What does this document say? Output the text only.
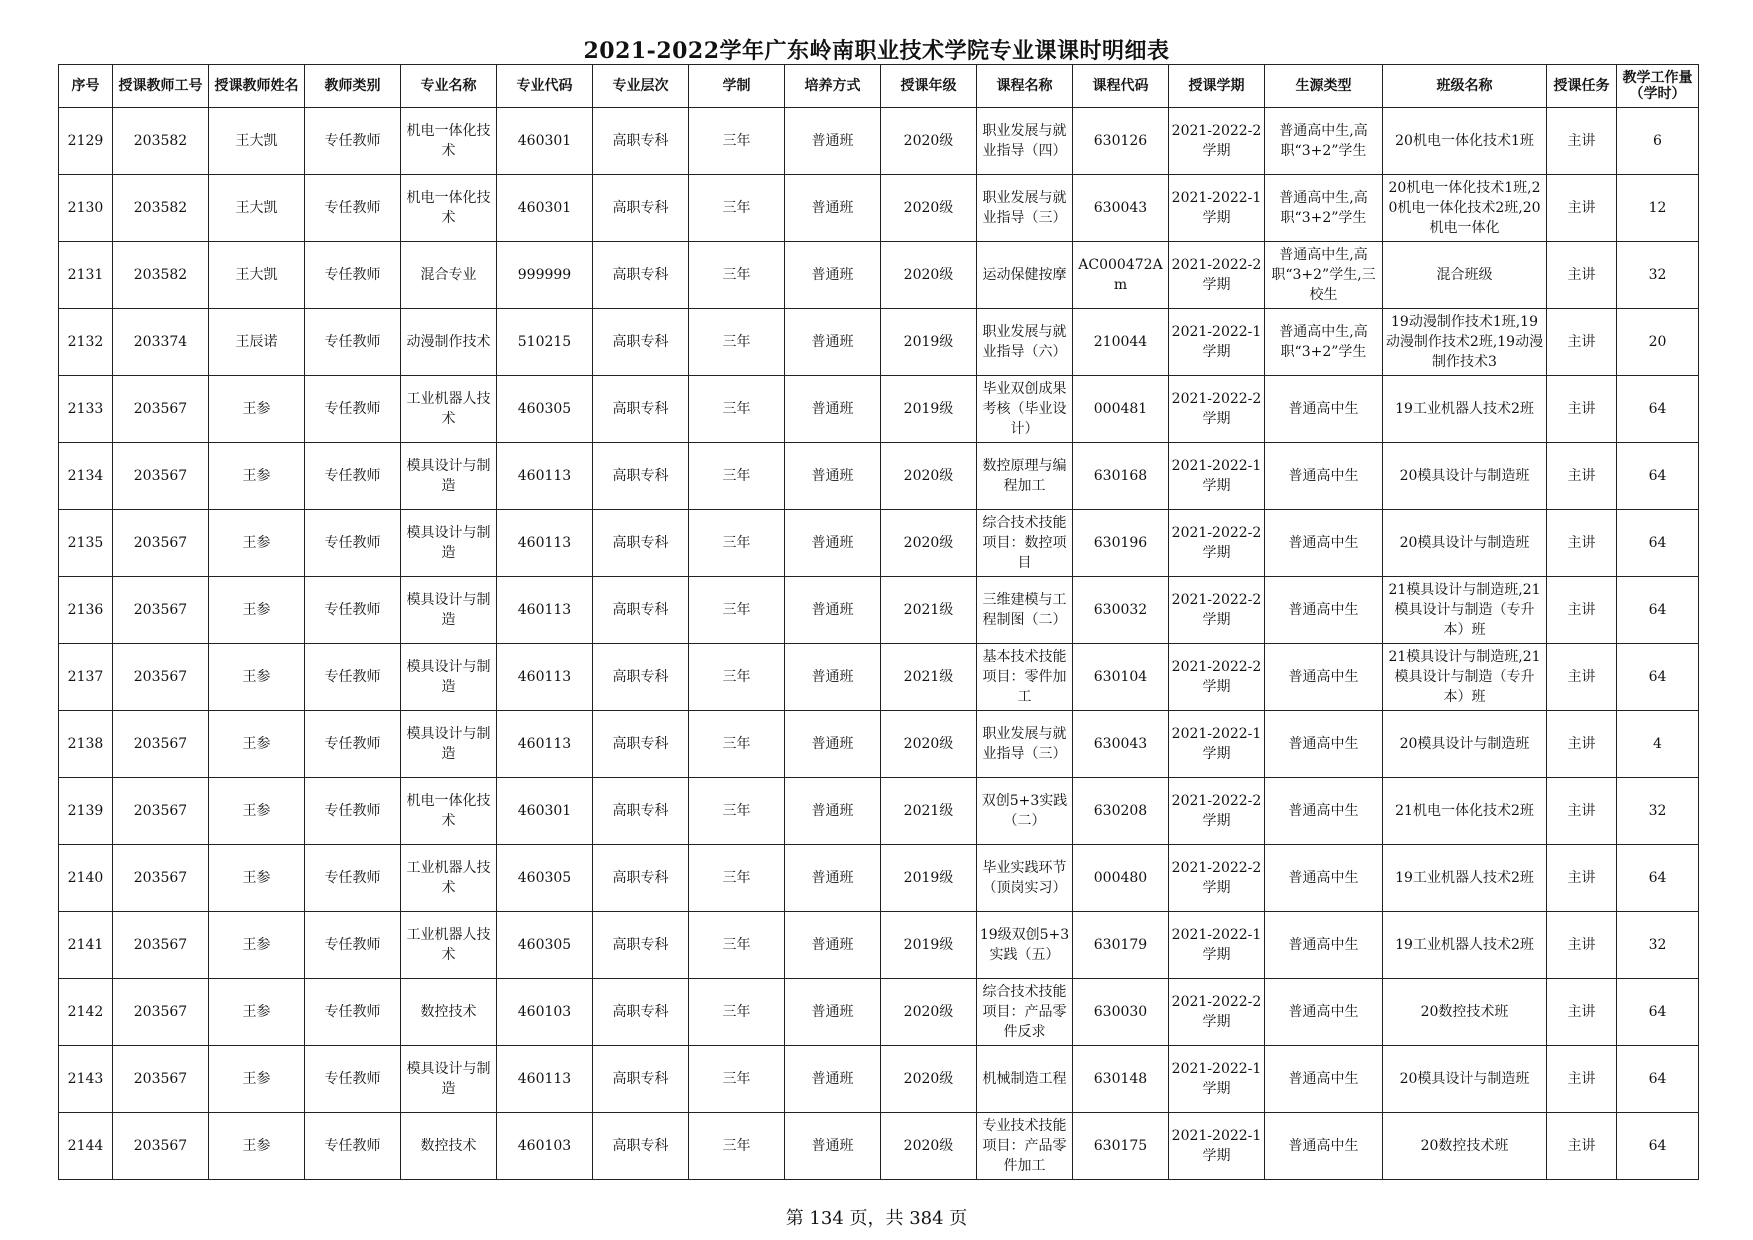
2021-2022学年广东岭南职业技术学院专业课课时明细表
序号	授课教师工号	授课教师姓名	教师类别	专业名称	专业代码	专业层次	学制	培养方式	授课年级	课程名称	课程代码	授课学期	生源类型	班级名称	授课任务	教学工作量（学时）

2129	203582	王大凯	专任教师	机电一体化技术	460301	高职专科	三年	普通班	2020级	职业发展与就业指导（四）	630126	2021-2022-2学期	普通高中生,高职“3+2”学生	20机电一体化技术1班	主讲	6

2130	203582	王大凯	专任教师	机电一体化技术	460301	高职专科	三年	普通班	2020级	职业发展与就业指导（三）	630043	2021-2022-1学期	普通高中生,高职“3+2”学生	20机电一体化技术1班,20机电一体化技术2班,20机电一体化	主讲	12

2131	203582	王大凯	专任教师	混合专业	999999	高职专科	三年	普通班	2020级	运动保健按摩	AC000472Am	2021-2022-2学期	普通高中生,高职“3+2”学生,三校生	混合班级	主讲	32

2132	203374	王辰诺	专任教师	动漫制作技术	510215	高职专科	三年	普通班	2019级	职业发展与就业指导（六）	210044	2021-2022-1学期	普通高中生,高职“3+2”学生	19动漫制作技术1班,19动漫制作技术2班,19动漫制作技术3	主讲	20

2133	203567	王参	专任教师	工业机器人技术	460305	高职专科	三年	普通班	2019级	毕业双创成果考核（毕业设计）	000481	2021-2022-2学期	普通高中生	19工业机器人技术2班	主讲	64

2134	203567	王参	专任教师	模具设计与制造	460113	高职专科	三年	普通班	2020级	数控原理与编程加工	630168	2021-2022-1学期	普通高中生	20模具设计与制造班	主讲	64

2135	203567	王参	专任教师	模具设计与制造	460113	高职专科	三年	普通班	2020级	综合技术技能项目：数控项目	630196	2021-2022-2学期	普通高中生	20模具设计与制造班	主讲	64

2136	203567	王参	专任教师	模具设计与制造	460113	高职专科	三年	普通班	2021级	三维建模与工程制图（二）	630032	2021-2022-2学期	普通高中生	21模具设计与制造班,21模具设计与制造（专升本）班	主讲	64

2137	203567	王参	专任教师	模具设计与制造	460113	高职专科	三年	普通班	2021级	基本技术技能项目：零件加工	630104	2021-2022-2学期	普通高中生	21模具设计与制造班,21模具设计与制造（专升本）班	主讲	64

2138	203567	王参	专任教师	模具设计与制造	460113	高职专科	三年	普通班	2020级	职业发展与就业指导（三）	630043	2021-2022-1学期	普通高中生	20模具设计与制造班	主讲	4

2139	203567	王参	专任教师	机电一体化技术	460301	高职专科	三年	普通班	2021级	双创5+3实践（二）	630208	2021-2022-2学期	普通高中生	21机电一体化技术2班	主讲	32

2140	203567	王参	专任教师	工业机器人技术	460305	高职专科	三年	普通班	2019级	毕业实践环节（顶岗实习）	000480	2021-2022-2学期	普通高中生	19工业机器人技术2班	主讲	64

2141	203567	王参	专任教师	工业机器人技术	460305	高职专科	三年	普通班	2019级	19级双创5+3实践（五）	630179	2021-2022-1学期	普通高中生	19工业机器人技术2班	主讲	32

2142	203567	王参	专任教师	数控技术	460103	高职专科	三年	普通班	2020级	综合技术技能项目：产品零件反求	630030	2021-2022-2学期	普通高中生	20数控技术班	主讲	64

2143	203567	王参	专任教师	模具设计与制造	460113	高职专科	三年	普通班	2020级	机械制造工程	630148	2021-2022-1学期	普通高中生	20模具设计与制造班	主讲	64

2144	203567	王参	专任教师	数控技术	460103	高职专科	三年	普通班	2020级	专业技术技能项目：产品零件加工	630175	2021-2022-1学期	普通高中生	20数控技术班	主讲	64
第 134 页，共 384 页
